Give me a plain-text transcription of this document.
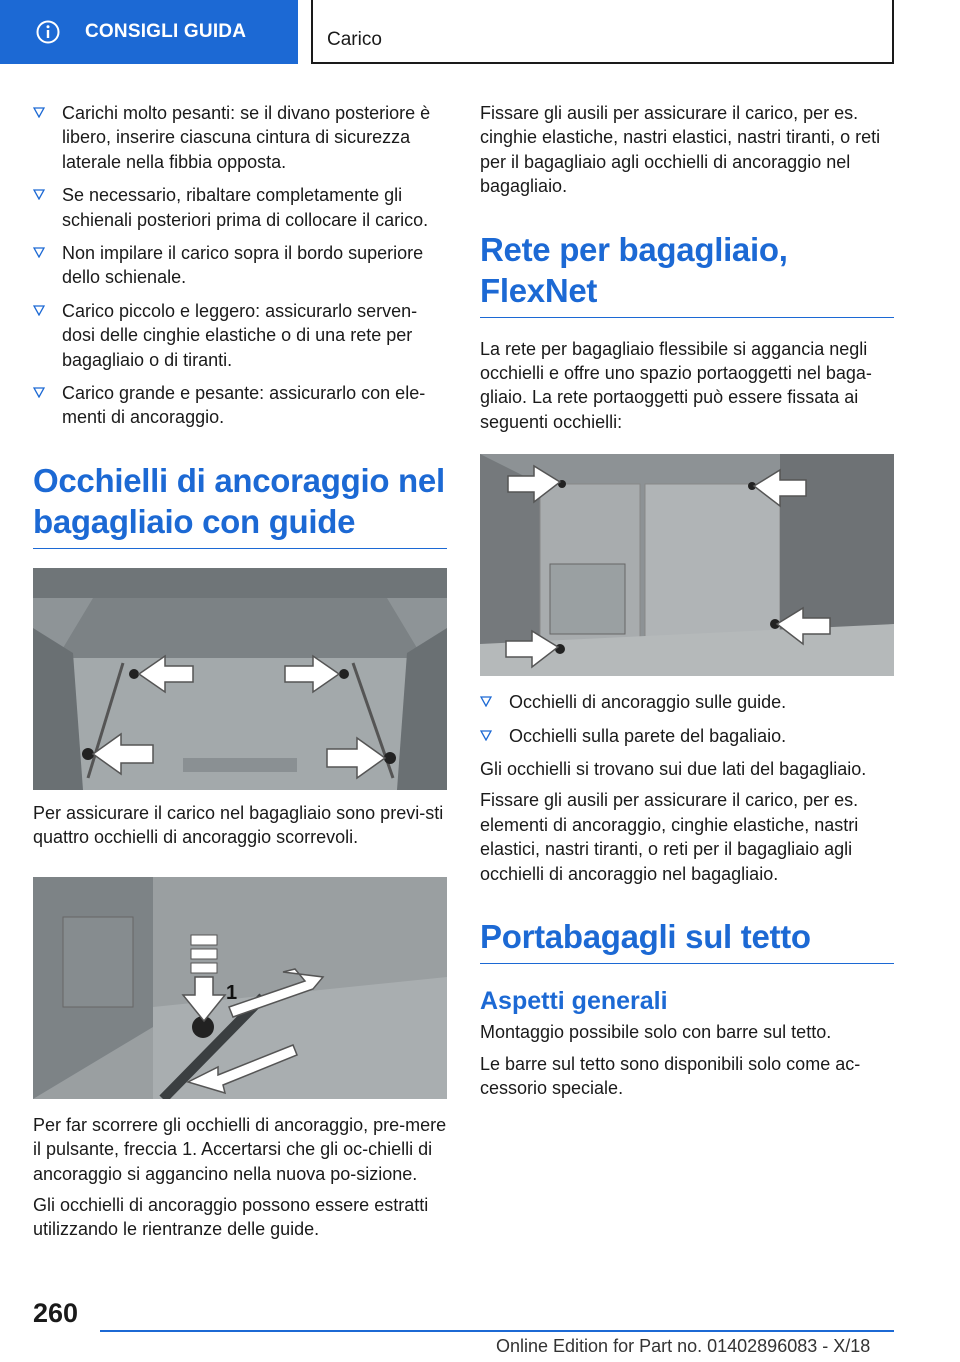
CONSIGLI GUIDA	Carico
Carichi molto pesanti: se il divano posteriore è libero, inserire ciascuna cintura di sicurezza laterale nella fibbia opposta.
Se necessario, ribaltare completamente gli schienali posteriori prima di collocare il carico.
Non impilare il carico sopra il bordo superiore dello schienale.
Carico piccolo e leggero: assicurarlo serven‐dosi delle cinghie elastiche o di una rete per bagagliaio o di tiranti.
Carico grande e pesante: assicurarlo con ele‐menti di ancoraggio.
Occhielli di ancoraggio nel bagagliaio con guide

Per assicurare il carico nel bagagliaio sono previ‐sti quattro occhielli di ancoraggio scorrevoli.

1

Per far scorrere gli occhielli di ancoraggio, pre‐mere il pulsante, freccia 1. Accertarsi che gli oc‐chielli di ancoraggio si aggancino nella nuova po‐sizione.

Gli occhielli di ancoraggio possono essere estratti utilizzando le rientranze delle guide.

Fissare gli ausili per assicurare il carico, per es. cinghie elastiche, nastri elastici, nastri tiranti, o reti per il bagagliaio agli occhielli di ancoraggio nel bagagliaio.

Rete per bagagliaio, FlexNet

La rete per bagagliaio flessibile si aggancia negli occhielli e offre uno spazio portaoggetti nel baga‐gliaio. La rete portaoggetti può essere fissata ai seguenti occhielli:

Occhielli di ancoraggio sulle guide.
Occhielli sulla parete del bagaliaio.

Gli occhielli si trovano sui due lati del bagagliaio.

Fissare gli ausili per assicurare il carico, per es. elementi di ancoraggio, cinghie elastiche, nastri elastici, nastri tiranti, o reti per il bagagliaio agli occhielli di ancoraggio nel bagagliaio.

Portabagagli sul tetto
Aspetti generali

Montaggio possibile solo con barre sul tetto.

Le barre sul tetto sono disponibili solo come ac‐cessorio speciale.

260
Online Edition for Part no. 01402896083 - X/18
